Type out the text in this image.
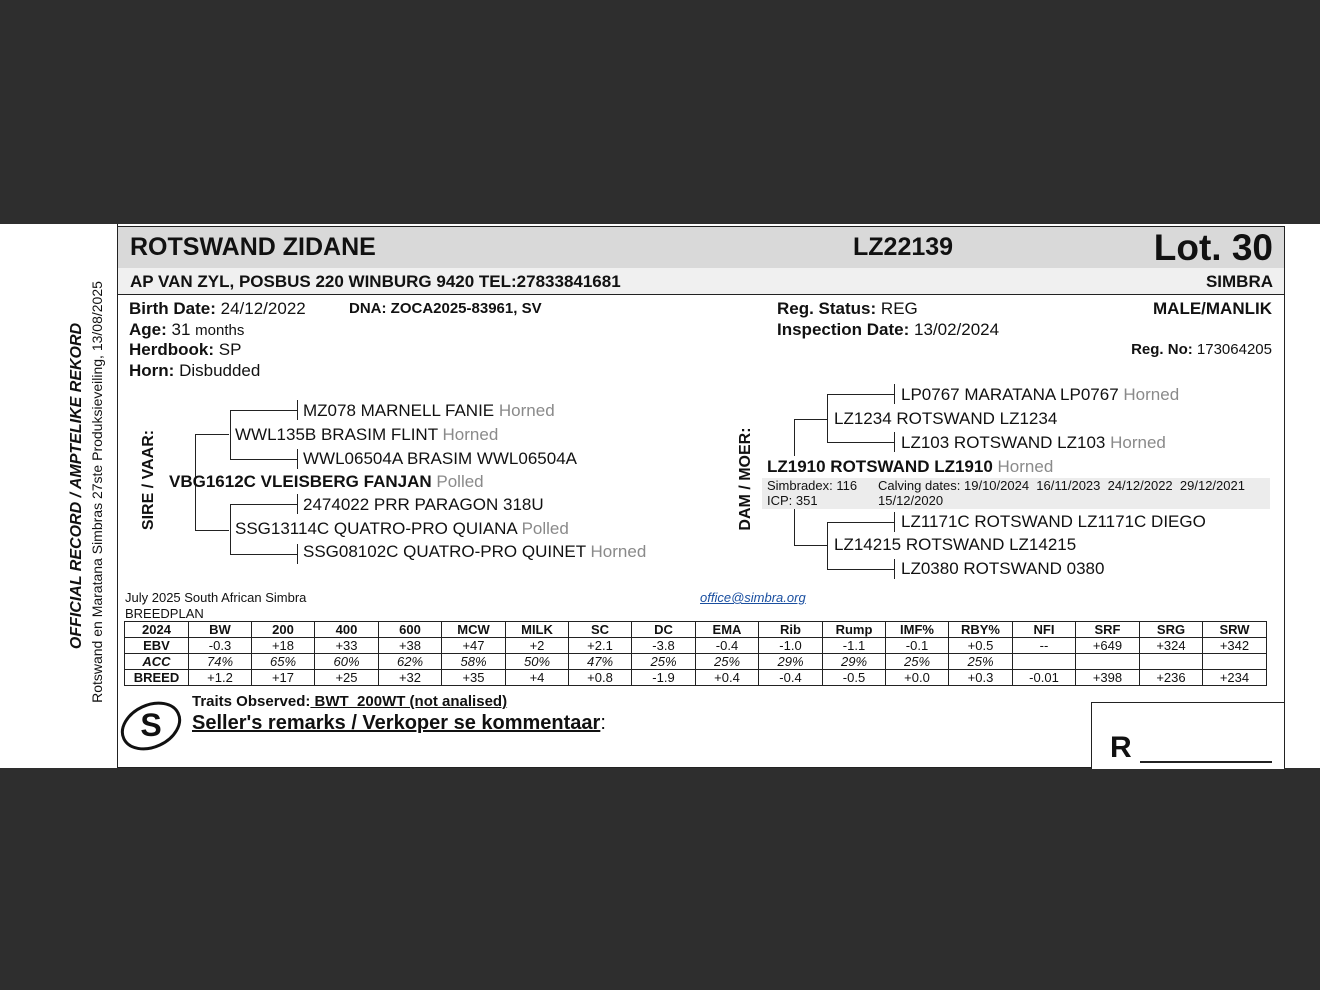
OFFICIAL RECORD / AMPTELIKE REKORD Rotswand en Maratana Simbras 27ste Produksieveiling, 13/08/2025
ROTSWAND ZIDANE	LZ22139	Lot. 30
AP VAN ZYL, POSBUS 220 WINBURG 9420 TEL:27833841681	SIMBRA
Birth Date: 24/12/2022	DNA: ZOCA2025-83961, SV
Age: 31 months
Herdbook: SP
Horn: Disbudded
Reg. Status: REG
Inspection Date: 13/02/2024
MALE/MANLIK
Reg. No: 173064205
SIRE / VAAR:
MZ078 MARNELL FANIE Horned
WWL135B BRASIM FLINT Horned
WWL06504A BRASIM WWL06504A
VBG1612C VLEISBERG FANJAN Polled
2474022 PRR PARAGON 318U
SSG13114C QUATRO-PRO QUIANA Polled
SSG08102C QUATRO-PRO QUINET Horned
DAM / MOER:
LP0767 MARATANA LP0767 Horned
LZ1234 ROTSWAND LZ1234
LZ103 ROTSWAND LZ103 Horned
LZ1910 ROTSWAND LZ1910 Horned
Simbradex: 116
ICP: 351
Calving dates: 19/10/2024  16/11/2023  24/12/2022  29/12/2021
15/12/2020
LZ1171C ROTSWAND LZ1171C DIEGO
LZ14215 ROTSWAND LZ14215
LZ0380 ROTSWAND 0380
July 2025 South African Simbra
BREEDPLAN
office@simbra.org
2024	BW	200	400	600	MCW	MILK	SC	DC	EMA	Rib	Rump	IMF%	RBY%	NFI	SRF	SRG	SRW
EBV	-0.3	+18	+33	+38	+47	+2	+2.1	-3.8	-0.4	-1.0	-1.1	-0.1	+0.5	--	+649	+324	+342
ACC	74%	65%	60%	62%	58%	50%	47%	25%	25%	29%	29%	25%	25%				
BREED	+1.2	+17	+25	+32	+35	+4	+0.8	-1.9	+0.4	-0.4	-0.5	+0.0	+0.3	-0.01	+398	+236	+234
S
Traits Observed: BWT  200WT (not analised)
Seller's remarks / Verkoper se kommentaar:
R
